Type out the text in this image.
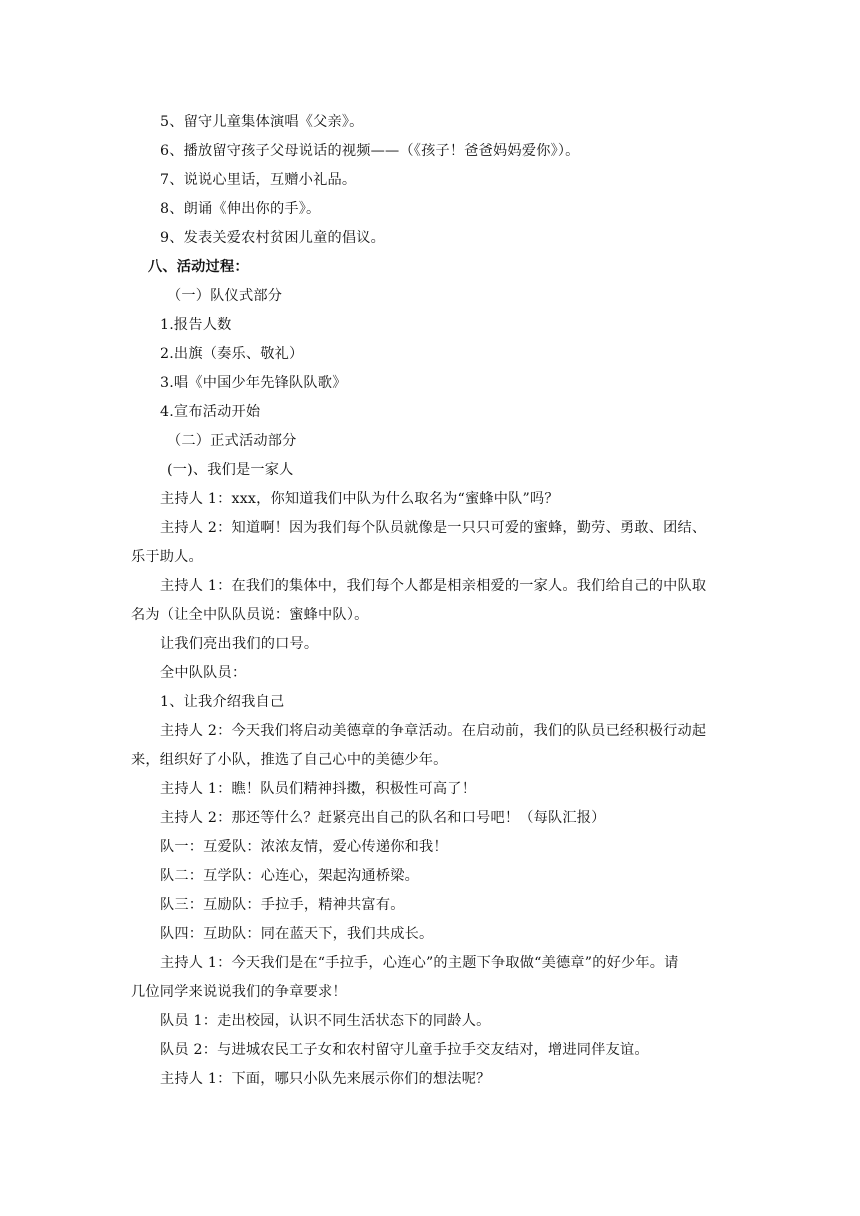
5、留守儿童集体演唱《父亲》。
6、播放留守孩子父母说话的视频——（《孩子！爸爸妈妈爱你》）。
7、说说心里话，互赠小礼品。
8、朗诵《伸出你的手》。
9、发表关爱农村贫困儿童的倡议。
八、活动过程：
（一）队仪式部分
1.报告人数
2.出旗（奏乐、敬礼）
3.唱《中国少年先锋队队歌》
4.宣布活动开始
（二）正式活动部分
(一)、我们是一家人
主持人 1：xxx，你知道我们中队为什么取名为“蜜蜂中队”吗？
主持人 2：知道啊！因为我们每个队员就像是一只只可爱的蜜蜂，勤劳、勇敢、团结、
乐于助人。
主持人 1：在我们的集体中，我们每个人都是相亲相爱的一家人。我们给自己的中队取
名为（让全中队队员说：蜜蜂中队）。
让我们亮出我们的口号。
全中队队员：
1、让我介绍我自己
主持人 2：今天我们将启动美德章的争章活动。在启动前，我们的队员已经积极行动起
来，组织好了小队，推选了自己心中的美德少年。
主持人 1：瞧！队员们精神抖擞，积极性可高了！
主持人 2：那还等什么？赶紧亮出自己的队名和口号吧！（每队汇报）
队一：互爱队：浓浓友情，爱心传递你和我！
队二：互学队：心连心，架起沟通桥梁。
队三：互励队：手拉手，精神共富有。
队四：互助队：同在蓝天下，我们共成长。
主持人 1：今天我们是在“手拉手，心连心”的主题下争取做“美德章”的好少年。请
几位同学来说说我们的争章要求！
队员 1：走出校园，认识不同生活状态下的同龄人。
队员 2：与进城农民工子女和农村留守儿童手拉手交友结对，增进同伴友谊。
主持人 1：下面，哪只小队先来展示你们的想法呢？
